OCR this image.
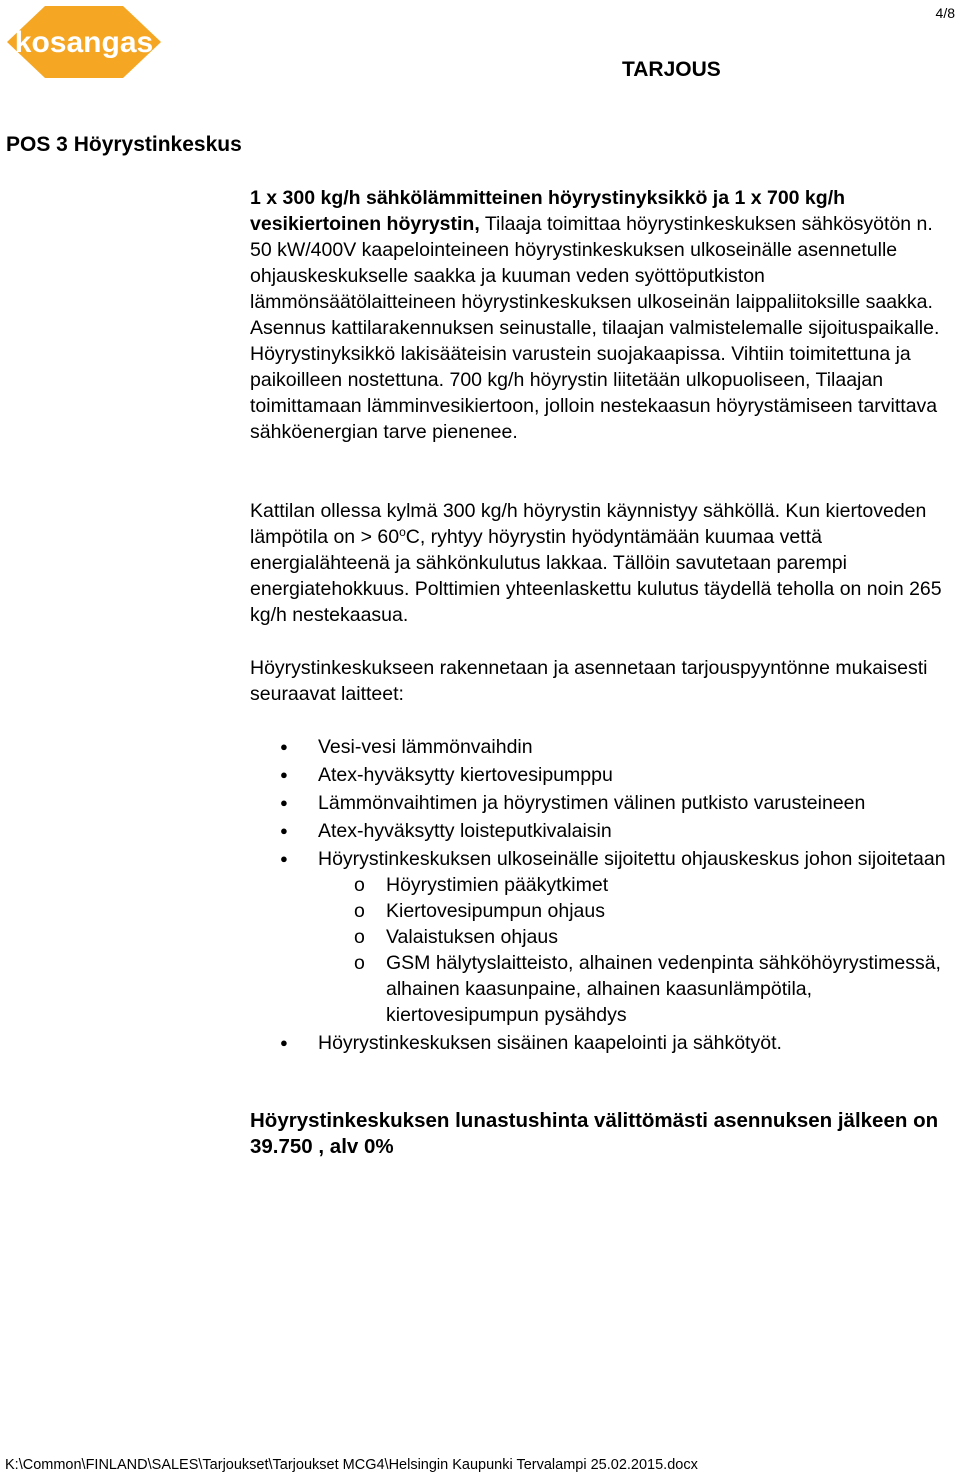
kosangas
4/8
TARJOUS
POS 3 Höyrystinkeskus
1 x 300 kg/h sähkölämmitteinen höyrystinyksikkö ja 1 x 700 kg/h vesikiertoinen höyrystin, Tilaaja toimittaa höyrystinkeskuksen sähkösyötön n. 50 kW/400V kaapelointeineen höyrystinkeskuksen ulkoseinälle asennetulle ohjauskeskukselle saakka ja kuuman veden syöttöputkiston lämmönsäätölaitteineen höyrystinkeskuksen ulkoseinän laippaliitoksille saakka. Asennus kattilarakennuksen seinustalle, tilaajan valmistelemalle sijoituspaikalle. Höyrystinyksikkö lakisääteisin varustein suojakaapissa. Vihtiin toimitettuna ja paikoilleen nostettuna. 700 kg/h höyrystin liitetään ulkopuoliseen, Tilaajan toimittamaan lämminvesikiertoon, jolloin nestekaasun höyrystämiseen tarvittava sähköenergian tarve pienenee.
Kattilan ollessa kylmä 300 kg/h höyrystin käynnistyy sähköllä. Kun kiertoveden lämpötila on > $60^oC$, ryhtyy höyrystin hyödyntämään kuumaa vettä energialähteenä ja sähkönkulutus lakkaa. Tällöin savutetaan parempi energiatehokkuus. Polttimien yhteenlaskettu kulutus täydellä teholla on noin 265 kg/h nestekaasua.
Höyrystinkeskukseen rakennetaan ja asennetaan tarjouspyyntönne mukaisesti seuraavat laitteet:
● Vesi-vesi lämmönvaihdin
● Atex-hyväksytty kiertovesipumppu
● Lämmönvaihtimen ja höyrystimen välinen putkisto varusteineen
● Atex-hyväksytty loisteputkivalaisin
● Höyrystinkeskuksen ulkoseinälle sijoitettu ohjauskeskus johon sijoitetaan
o Höyrystimien pääkytkimet
o Kiertovesipumpun ohjaus
o Valaistuksen ohjaus
o GSM hälytyslaitteisto, alhainen vedenpinta sähköhöyrystimessä, alhainen kaasunpaine, alhainen kaasunlämpötila, kiertovesipumpun pysähdys
● Höyrystinkeskuksen sisäinen kaapelointi ja sähkötyöt.
Höyrystinkeskuksen lunastushinta välittömästi asennuksen jälkeen on 39.750 , alv 0%
K:\Common\FINLAND\SALES\Tarjoukset\Tarjoukset MCG4\Helsingin Kaupunki Tervalampi 25.02.2015.docx
